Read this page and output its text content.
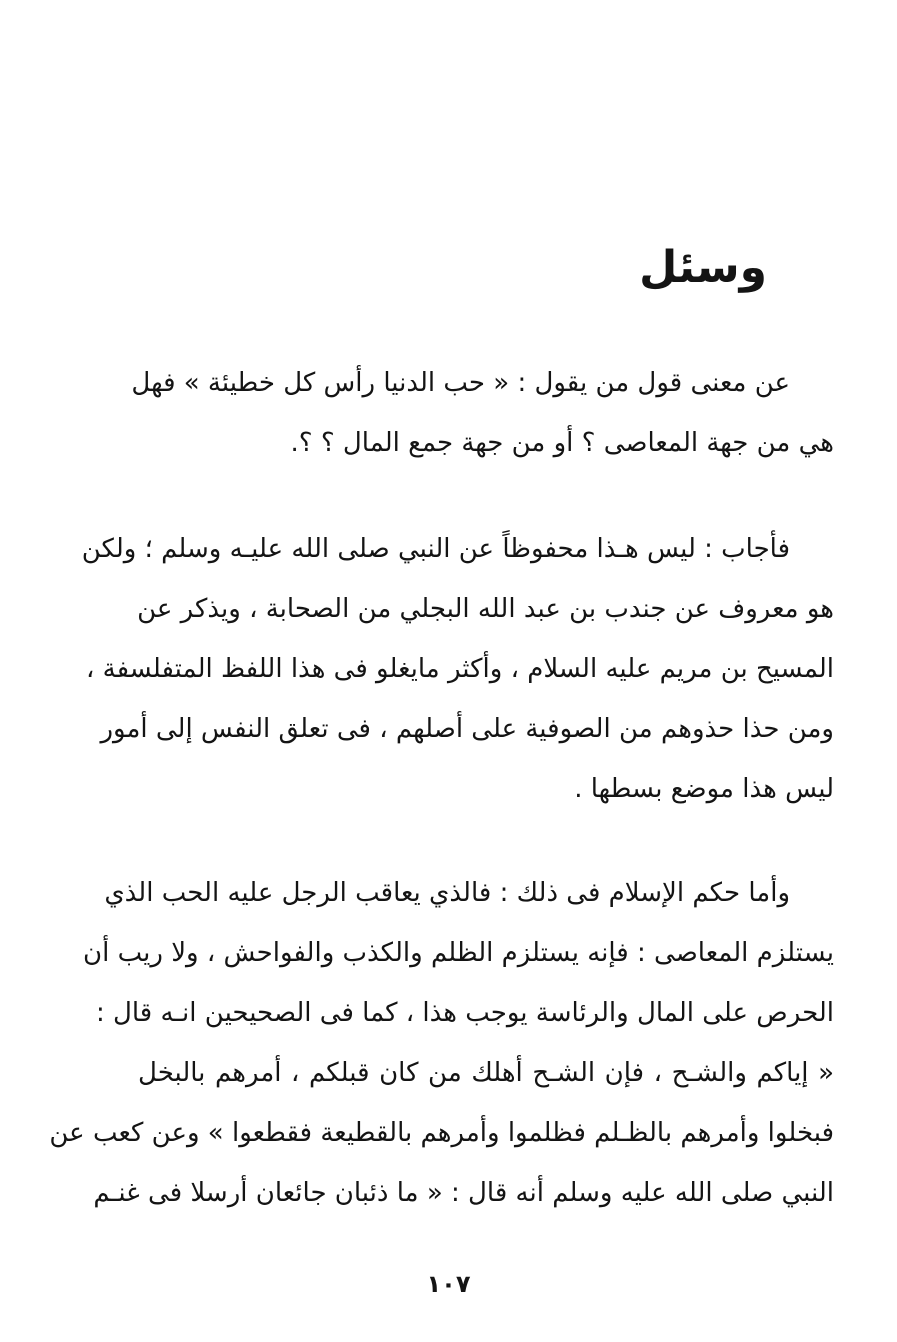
وسئل
عن معنى قول من يقول : « حب الدنيا رأس كل خطيئة » فهل
هي من جهة المعاصى ؟ أو من جهة جمع المال ؟ ؟.
فأجاب : ليس هـذا محفوظاً عن النبي صلى الله عليـه وسلم ؛ ولكن
هو معروف عن جندب بن عبد الله البجلي من الصحابة ، ويذكر عن
المسيح بن مريم عليه السلام ، وأكثر مايغلو فى هذا اللفظ المتفلسفة ،
ومن حذا حذوهم من الصوفية على أصلهم ، فى تعلق النفس إلى أمور
ليس هذا موضع بسطها .
وأما حكم الإسلام فى ذلك : فالذي يعاقب الرجل عليه الحب الذي
يستلزم المعاصى : فإنه يستلزم الظلم والكذب والفواحش ، ولا ريب أن
الحرص على المال والرئاسة يوجب هذا ، كما فى الصحيحين انـه قال :
« إياكم والشـح ، فإن الشـح أهلك من كان قبلكم ، أمرهم بالبخل
فبخلوا وأمرهم بالظـلم فظلموا وأمرهم بالقطيعة فقطعوا » وعن كعب عن
النبي صلى الله عليه وسلم أنه قال : « ما ذئبان جائعان أرسلا فى غنـم
١٠٧
